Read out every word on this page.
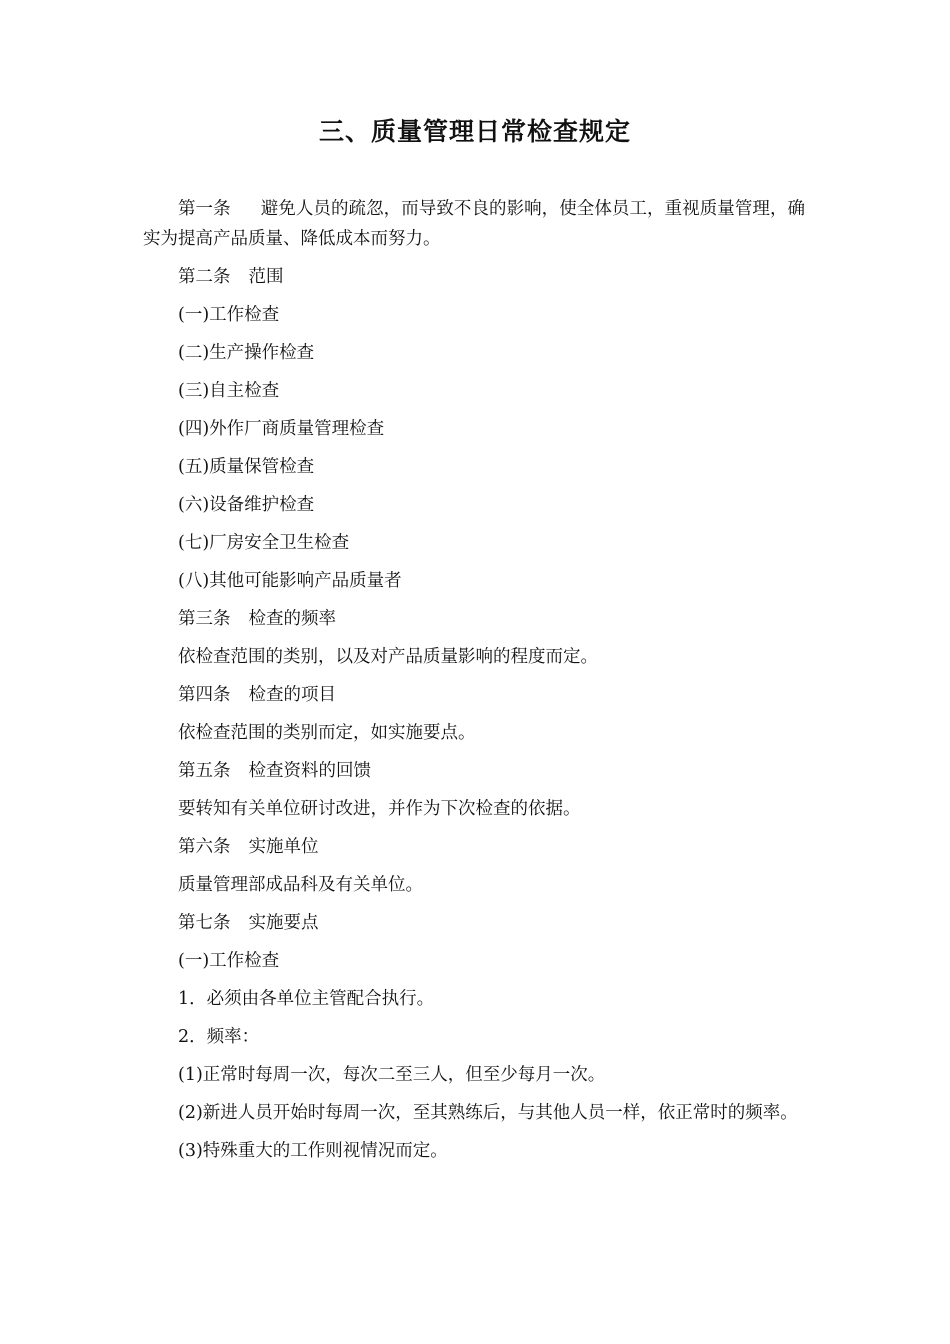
三、质量管理日常检查规定

第一条 避免人员的疏忽，而导致不良的影响，使全体员工，重视质量管理，确实为提高产品质量、降低成本而努力。

第二条 范围

(一)工作检查

(二)生产操作检查

(三)自主检查

(四)外作厂商质量管理检查

(五)质量保管检查

(六)设备维护检查

(七)厂房安全卫生检查

(八)其他可能影响产品质量者

第三条 检查的频率

依检查范围的类别，以及对产品质量影响的程度而定。

第四条 检查的项目

依检查范围的类别而定，如实施要点。

第五条 检查资料的回馈

要转知有关单位研讨改进，并作为下次检查的依据。

第六条 实施单位

质量管理部成品科及有关单位。

第七条 实施要点

(一)工作检查

1．必须由各单位主管配合执行。

2．频率：

(1)正常时每周一次，每次二至三人，但至少每月一次。

(2)新进人员开始时每周一次，至其熟练后，与其他人员一样，依正常时的频率。

(3)特殊重大的工作则视情况而定。
